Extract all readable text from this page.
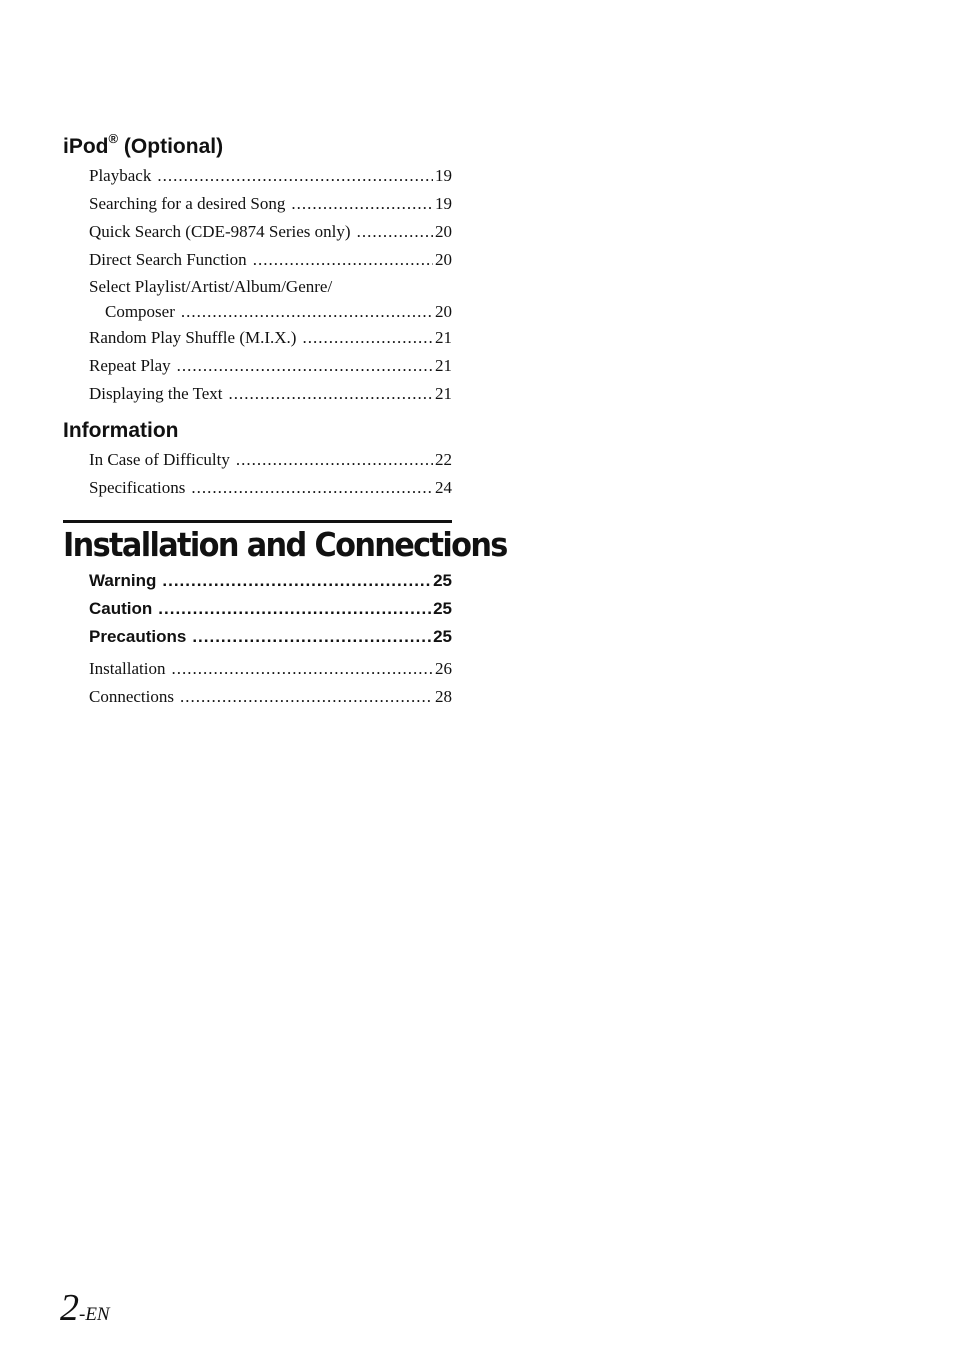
iPod® (Optional)
Playback .....	19
Searching for a desired Song .....	19
Quick Search (CDE-9874 Series only) .....	20
Direct Search Function .....	20
Select Playlist/Artist/Album/Genre/
Composer .....	20
Random Play Shuffle (M.I.X.) .....	21
Repeat Play .....	21
Displaying the Text .....	21
Information
In Case of Difficulty .....	22
Specifications .....	24
Installation and Connections
Warning .....	25
Caution .....	25
Precautions .....	25
Installation .....	26
Connections .....	28
2-EN
